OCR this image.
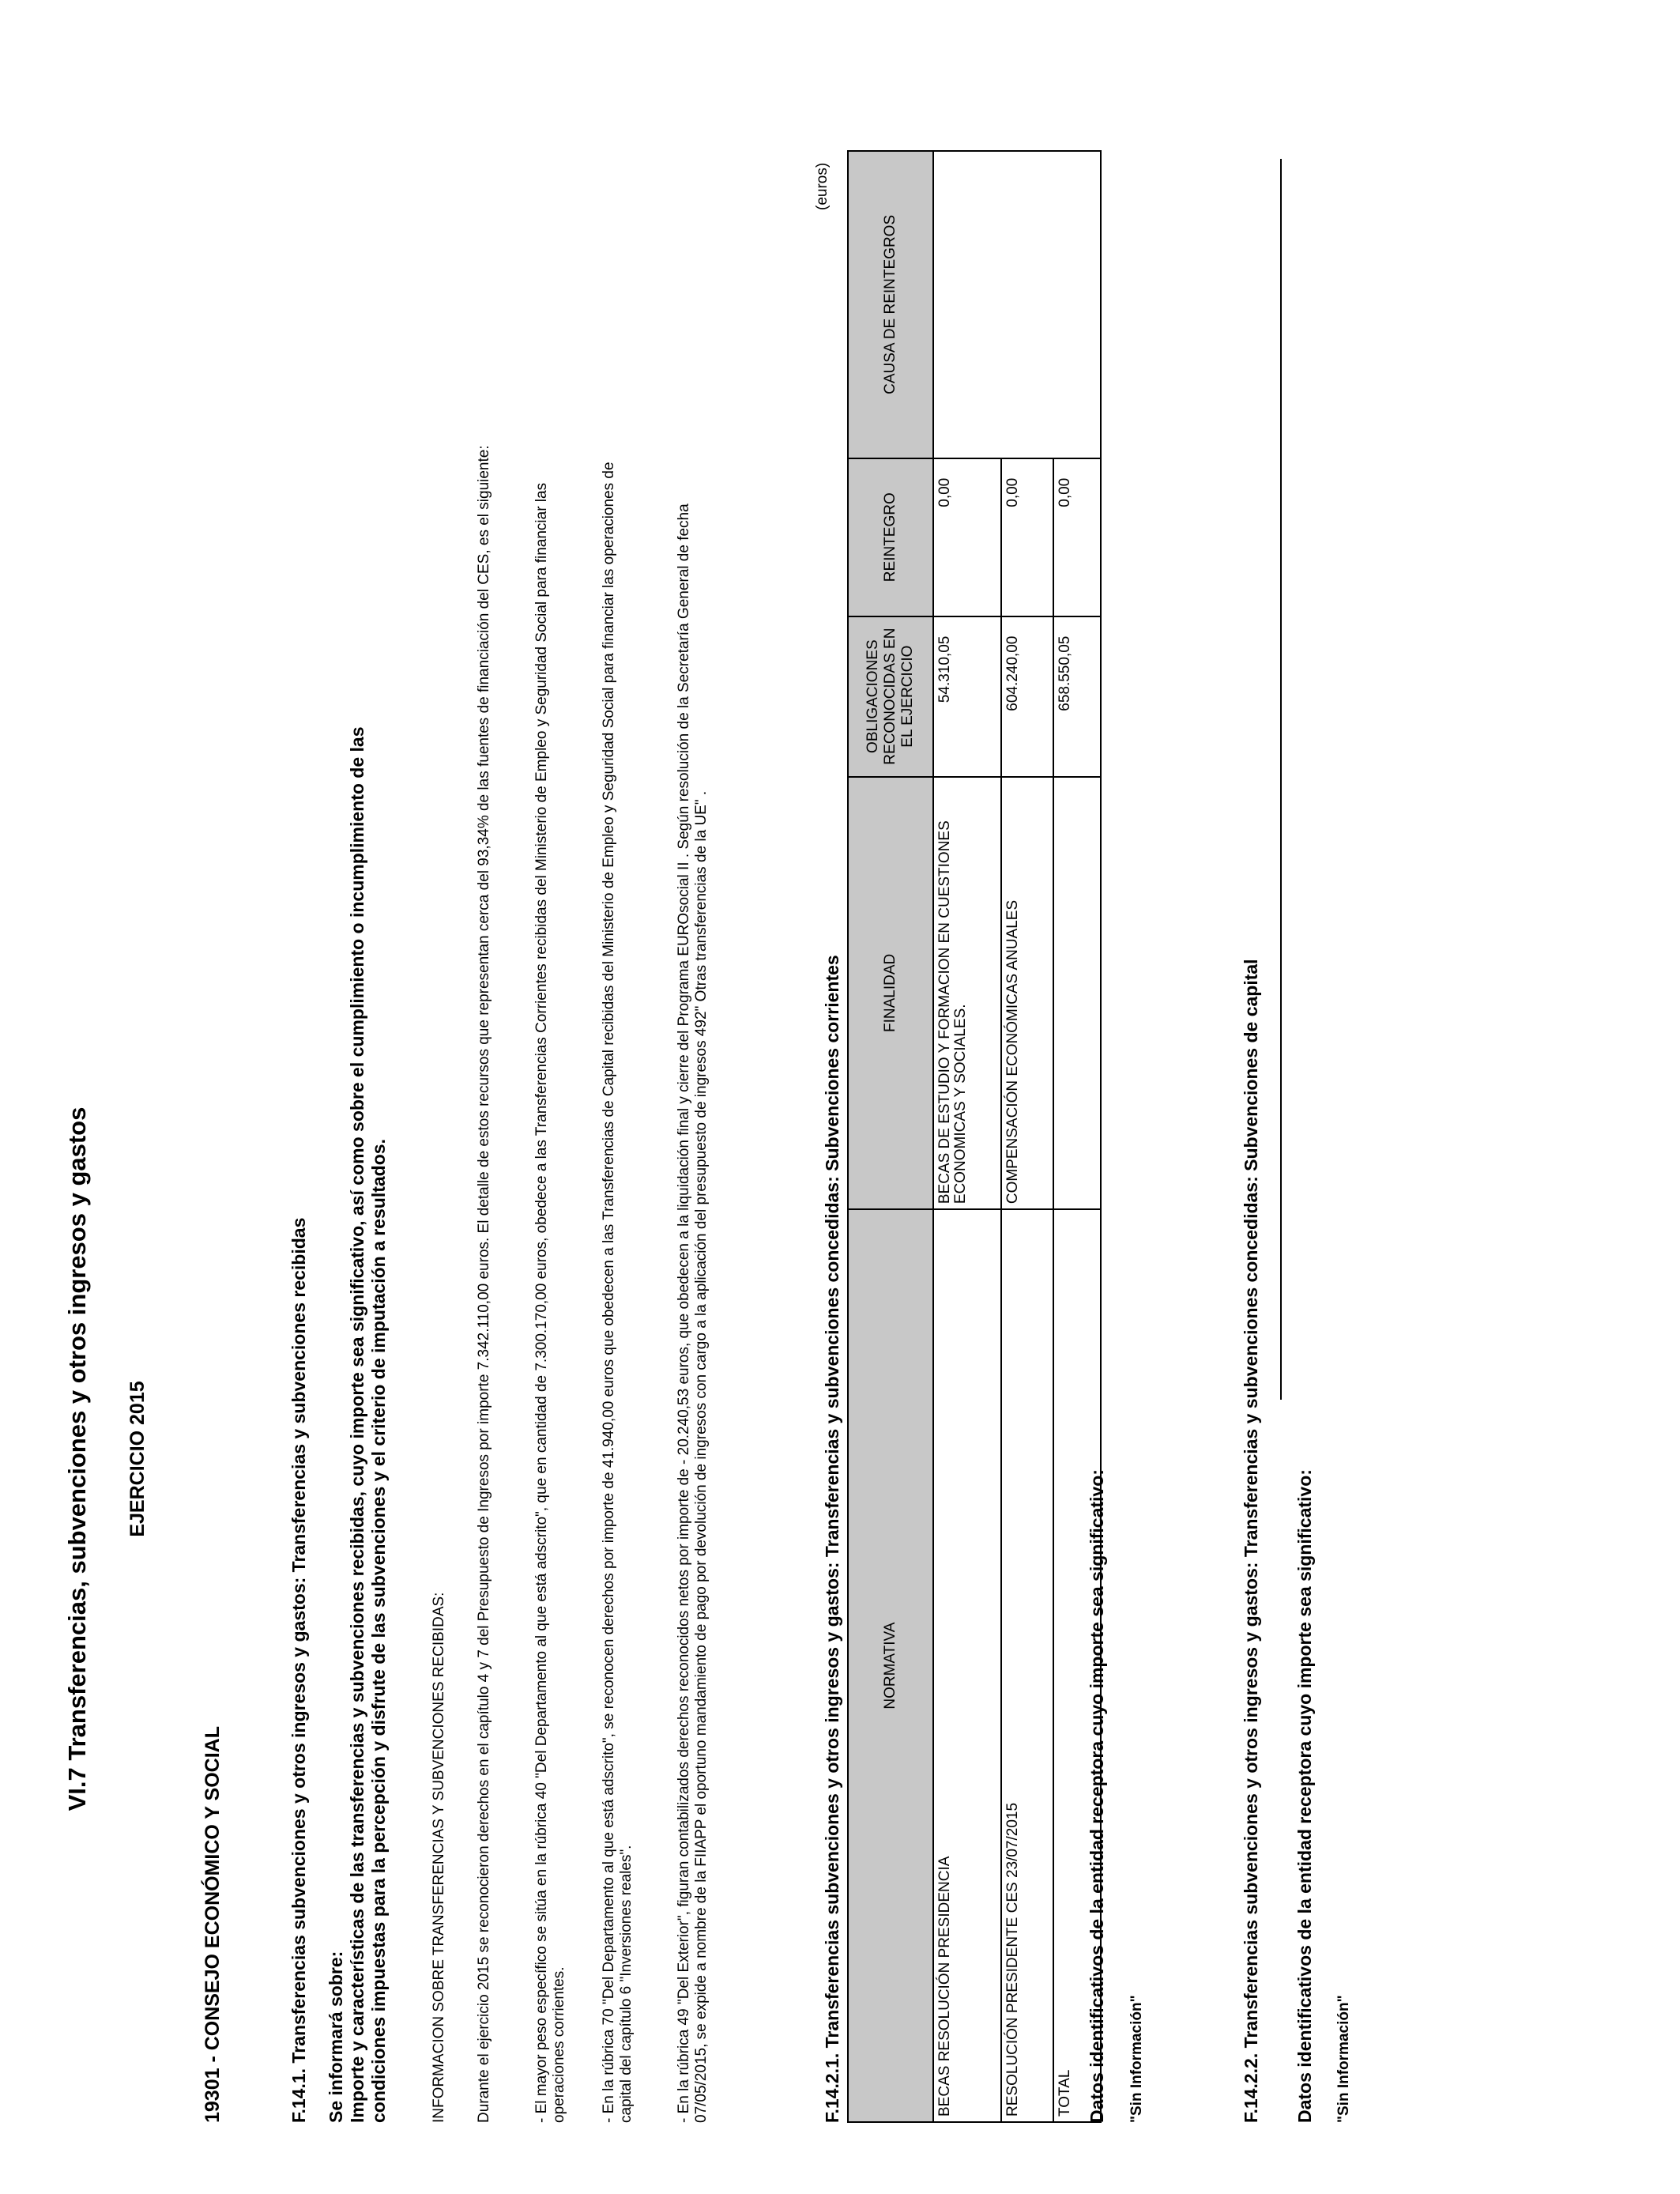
VI.7 Transferencias, subvenciones y otros ingresos y gastos EJERCICIO 2015
19301 - CONSEJO ECONÓMICO Y SOCIAL	F.14.1. Transferencias subvenciones y otros ingresos y gastos: Transferencias y subvenciones recibidas Se informará sobre: Importe y características de las transferencias y subvenciones recibidas, cuyo importe sea significativo, así como sobre el cumplimiento o incumplimiento de las condiciones impuestas para la percepción y disfrute de las subvenciones y el criterio de imputación a resultados.	INFORMACION SOBRE TRANSFERENCIAS Y SUBVENCIONES RECIBIDAS: Durante el ejercicio 2015 se reconocieron derechos en el capítulo 4 y 7 del Presupuesto de Ingresos por importe 7.342.110,00 euros. El detalle de estos recursos que representan cerca del 93,34% de las fuentes de financiación del CES, es el siguiente:	- El mayor peso específico se sitúa en la rúbrica 40 "Del Departamento al que está adscrito", que en cantidad de 7.300.170,00 euros, obedece a las Transferencias Corrientes recibidas del Ministerio de Empleo y Seguridad Social para financiar las operaciones corrientes. - En la rúbrica 70 "Del Departamento al que está adscrito", se reconocen derechos por importe de 41.940,00 euros que obedecen a las Transferencias de Capital recibidas del Ministerio de Empleo y Seguridad Social para financiar las operaciones de capital del capítulo 6 "Inversiones reales".	- En la rúbrica 49 "Del Exterior", figuran contabilizados derechos reconocidos netos por importe de - 20.240,53 euros, que obedecen a la liquidación final y cierre del Programa EUROsocial II . Según resolución de la Secretaría General de fecha 07/05/2015, se expide a nombre de la FIIAPP el oportuno mandamiento de pago por devolución de ingresos con cargo a la aplicación del presupuesto de ingresos 492" Otras transferencias de la UE" .	F.14.2.1. Transferencias subvenciones y otros ingresos y gastos: Transferencias y subvenciones concedidas: Subvenciones corrientes
(euros)
NORMATIVA	FINALIDAD	OBLIGACIONES RECONOCIDAS EN EL EJERCICIO	REINTEGRO	CAUSA DE REINTEGROS
BECAS RESOLUCIÓN PRESIDENCIA	BECAS DE ESTUDIO Y FORMACION EN CUESTIONES ECONOMICAS Y SOCIALES.	54.310,05	0,00	
RESOLUCIÓN PRESIDENTE CES 23/07/2015	COMPENSACIÓN ECONÓMICAS ANUALES	604.240,00	0,00	
TOTAL		658.550,05	0,00	
Datos identificativos de la entidad receptora cuyo importe sea significativo: "Sin Información"	F.14.2.2. Transferencias subvenciones y otros ingresos y gastos: Transferencias y subvenciones concedidas: Subvenciones de capital Datos identificativos de la entidad receptora cuyo importe sea significativo: "Sin Información"
